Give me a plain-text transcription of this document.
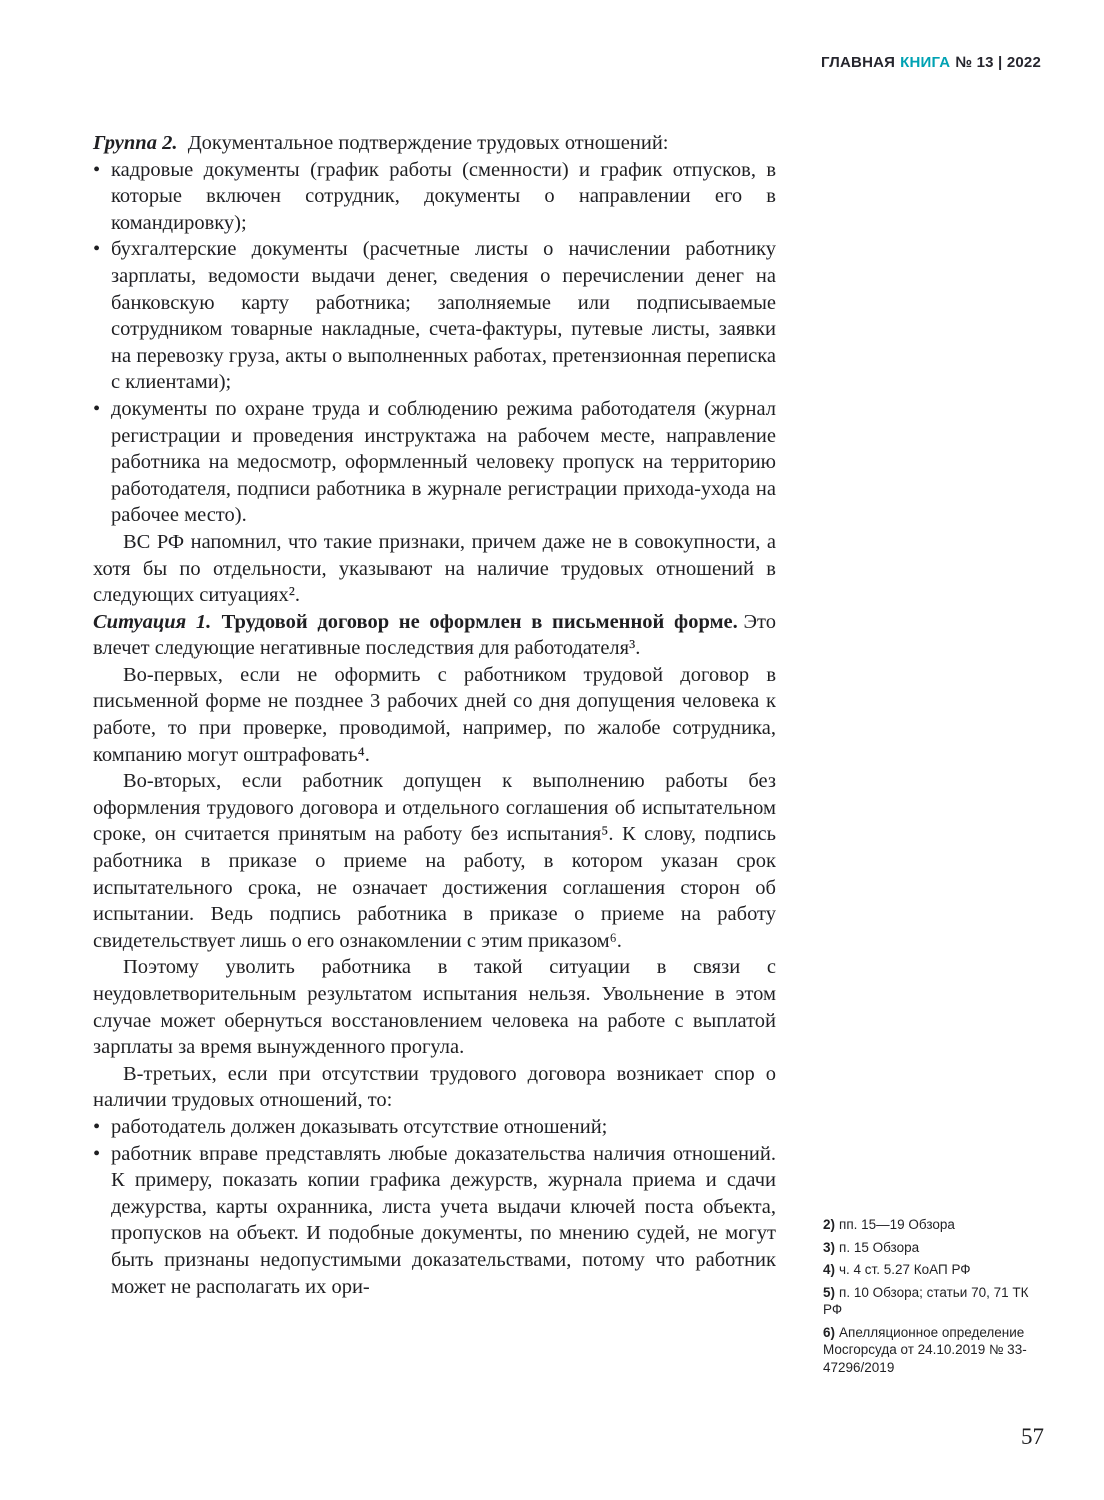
ГЛАВНАЯ КНИГА № 13 | 2022

Группа 2. Документальное подтверждение трудовых отношений:

• кадровые документы (график работы (сменности) и график отпусков, в которые включен сотрудник, документы о направлении его в командировку);
• бухгалтерские документы (расчетные листы о начислении работнику зарплаты, ведомости выдачи денег, сведения о перечислении денег на банковскую карту работника; заполняемые или подписываемые сотрудником товарные накладные, счета-фактуры, путевые листы, заявки на перевозку груза, акты о выполненных работах, претензионная переписка с клиентами);
• документы по охране труда и соблюдению режима работодателя (журнал регистрации и проведения инструктажа на рабочем месте, направление работника на медосмотр, оформленный человеку пропуск на территорию работодателя, подписи работника в журнале регистрации прихода-ухода на рабочее место).

ВС РФ напомнил, что такие признаки, причем даже не в совокупности, а хотя бы по отдельности, указывают на наличие трудовых отношений в следующих ситуациях².

Ситуация 1. Трудовой договор не оформлен в письменной форме. Это влечет следующие негативные последствия для работодателя³.

Во-первых, если не оформить с работником трудовой договор в письменной форме не позднее 3 рабочих дней со дня допущения человека к работе, то при проверке, проводимой, например, по жалобе сотрудника, компанию могут оштрафовать⁴.

Во-вторых, если работник допущен к выполнению работы без оформления трудового договора и отдельного соглашения об испытательном сроке, он считается принятым на работу без испытания⁵. К слову, подпись работника в приказе о приеме на работу, в котором указан срок испытательного срока, не означает достижения соглашения сторон об испытании. Ведь подпись работника в приказе о приеме на работу свидетельствует лишь о его ознакомлении с этим приказом⁶.

Поэтому уволить работника в такой ситуации в связи с неудовлетворительным результатом испытания нельзя. Увольнение в этом случае может обернуться восстановлением человека на работе с выплатой зарплаты за время вынужденного прогула.

В-третьих, если при отсутствии трудового договора возникает спор о наличии трудовых отношений, то:

• работодатель должен доказывать отсутствие отношений;
• работник вправе представлять любые доказательства наличия отношений. К примеру, показать копии графика дежурств, журнала приема и сдачи дежурства, карты охранника, листа учета выдачи ключей поста объекта, пропусков на объект. И подобные документы, по мнению судей, не могут быть признаны недопустимыми доказательствами, потому что работник может не располагать их ори-

2) пп. 15—19 Обзора

3) п. 15 Обзора

4) ч. 4 ст. 5.27 КоАП РФ

5) п. 10 Обзора; статьи 70, 71 ТК РФ

6) Апелляционное определение Мосгорсуда от 24.10.2019 № 33-47296/2019

57
